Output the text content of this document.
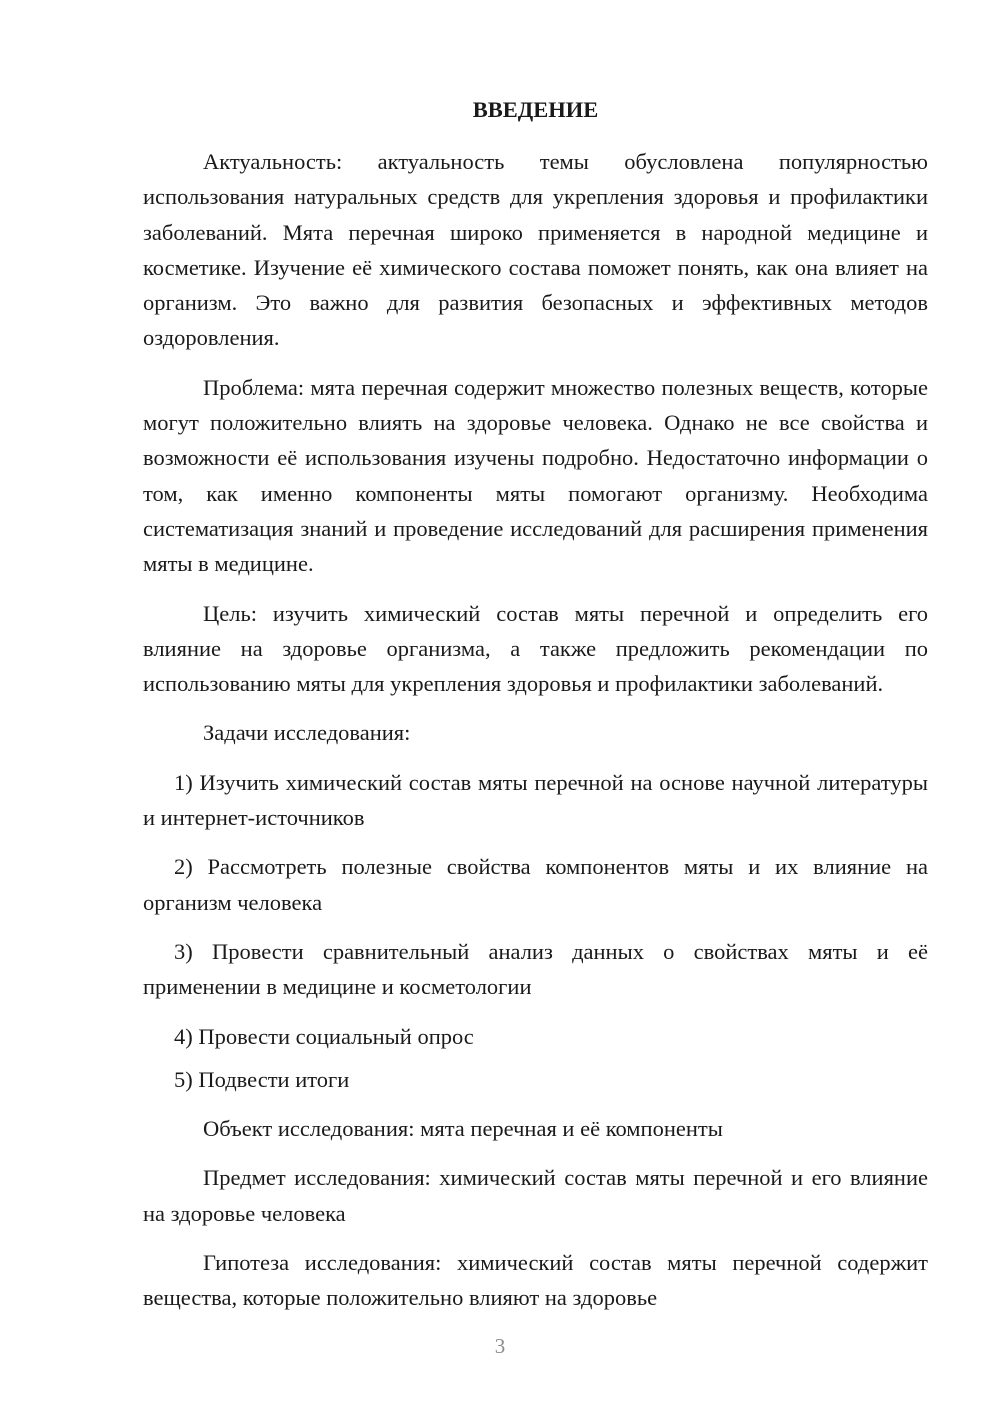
ВВЕДЕНИЕ

Актуальность: актуальность темы обусловлена популярностью использования натуральных средств для укрепления здоровья и профилактики заболеваний. Мята перечная широко применяется в народной медицине и косметике. Изучение её химического состава поможет понять, как она влияет на организм. Это важно для развития безопасных и эффективных методов оздоровления.

Проблема: мята перечная содержит множество полезных веществ, которые могут положительно влиять на здоровье человека. Однако не все свойства и возможности её использования изучены подробно. Недостаточно информации о том, как именно компоненты мяты помогают организму. Необходима систематизация знаний и проведение исследований для расширения применения мяты в медицине.

Цель: изучить химический состав мяты перечной и определить его влияние на здоровье организма, а также предложить рекомендации по использованию мяты для укрепления здоровья и профилактики заболеваний.

Задачи исследования:

1) Изучить химический состав мяты перечной на основе научной литературы и интернет-источников

2) Рассмотреть полезные свойства компонентов мяты и их влияние на организм человека

3) Провести сравнительный анализ данных о свойствах мяты и её применении в медицине и косметологии

4) Провести социальный опрос

5) Подвести итоги

Объект исследования: мята перечная и её компоненты

Предмет исследования: химический состав мяты перечной и его влияние на здоровье человека

Гипотеза исследования: химический состав мяты перечной содержит вещества, которые положительно влияют на здоровье

3
